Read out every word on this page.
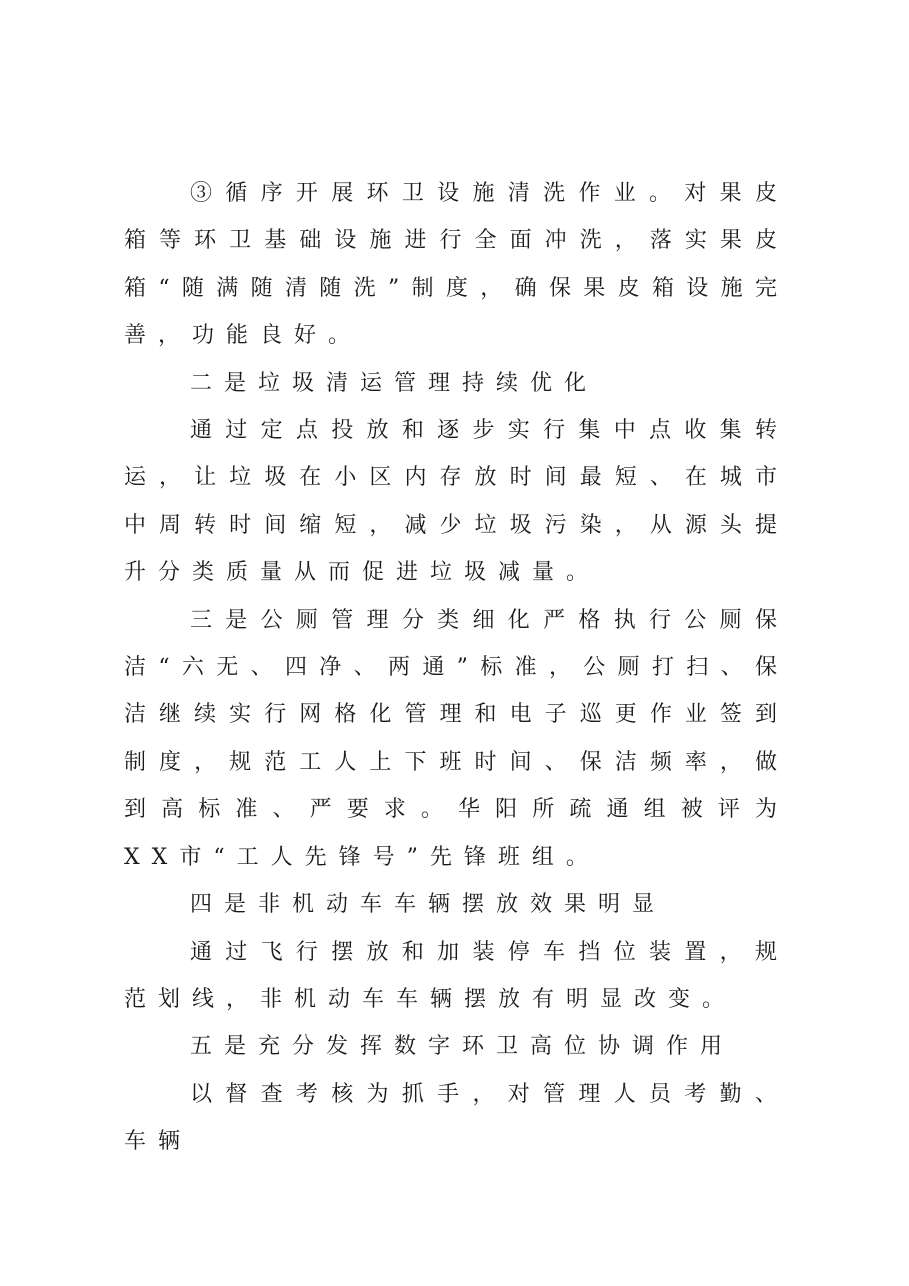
③循序开展环卫设施清洗作业。对果皮箱等环卫基础设施进行全面冲洗，落实果皮箱“随满随清随洗”制度，确保果皮箱设施完善，功能良好。

二是垃圾清运管理持续优化

通过定点投放和逐步实行集中点收集转运，让垃圾在小区内存放时间最短、在城市中周转时间缩短，减少垃圾污染，从源头提升分类质量从而促进垃圾减量。

三是公厕管理分类细化严格执行公厕保洁“六无、四净、两通”标准，公厕打扫、保洁继续实行网格化管理和电子巡更作业签到制度，规范工人上下班时间、保洁频率，做到高标准、严要求。华阳所疏通组被评为XX市“工人先锋号”先锋班组。

四是非机动车车辆摆放效果明显

通过飞行摆放和加装停车挡位装置，规范划线，非机动车车辆摆放有明显改变。

五是充分发挥数字环卫高位协调作用

以督查考核为抓手，对管理人员考勤、车辆
